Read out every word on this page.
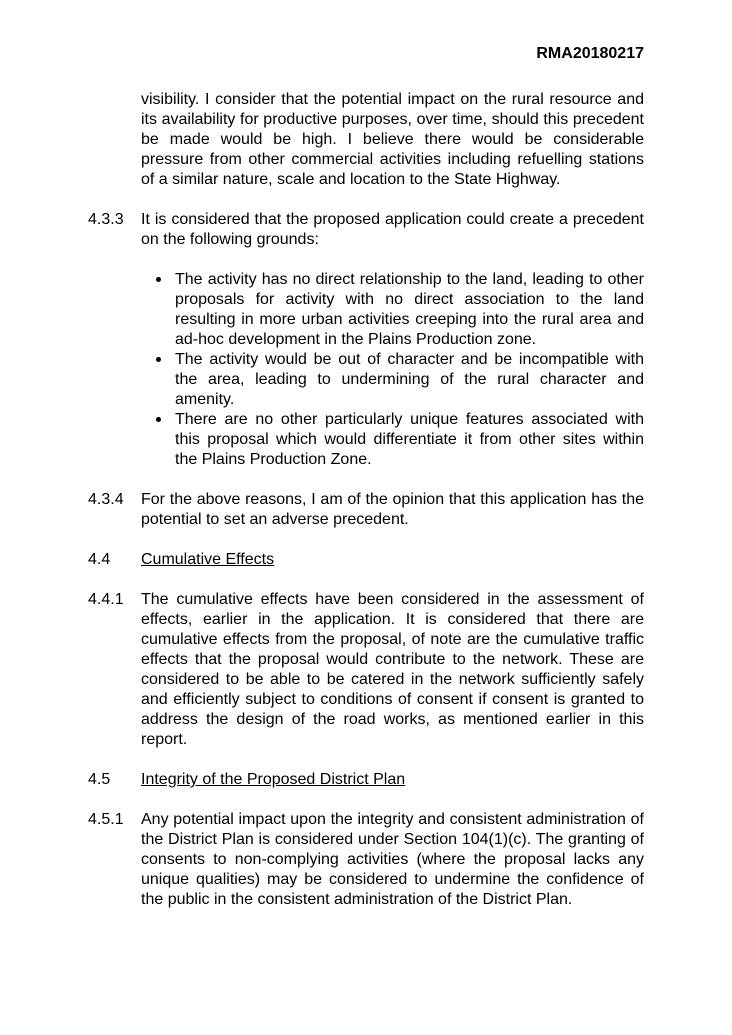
RMA20180217
visibility. I consider that the potential impact on the rural resource and its availability for productive purposes, over time, should this precedent be made would be high. I believe there would be considerable pressure from other commercial activities including refuelling stations of a similar nature, scale and location to the State Highway.
4.3.3	It is considered that the proposed application could create a precedent on the following grounds:
The activity has no direct relationship to the land, leading to other proposals for activity with no direct association to the land resulting in more urban activities creeping into the rural area and ad-hoc development in the Plains Production zone.
The activity would be out of character and be incompatible with the area, leading to undermining of the rural character and amenity.
There are no other particularly unique features associated with this proposal which would differentiate it from other sites within the Plains Production Zone.
4.3.4	For the above reasons, I am of the opinion that this application has the potential to set an adverse precedent.
4.4	Cumulative Effects
4.4.1	The cumulative effects have been considered in the assessment of effects, earlier in the application. It is considered that there are cumulative effects from the proposal, of note are the cumulative traffic effects that the proposal would contribute to the network. These are considered to be able to be catered in the network sufficiently safely and efficiently subject to conditions of consent if consent is granted to address the design of the road works, as mentioned earlier in this report.
4.5	Integrity of the Proposed District Plan
4.5.1	Any potential impact upon the integrity and consistent administration of the District Plan is considered under Section 104(1)(c). The granting of consents to non-complying activities (where the proposal lacks any unique qualities) may be considered to undermine the confidence of the public in the consistent administration of the District Plan.
